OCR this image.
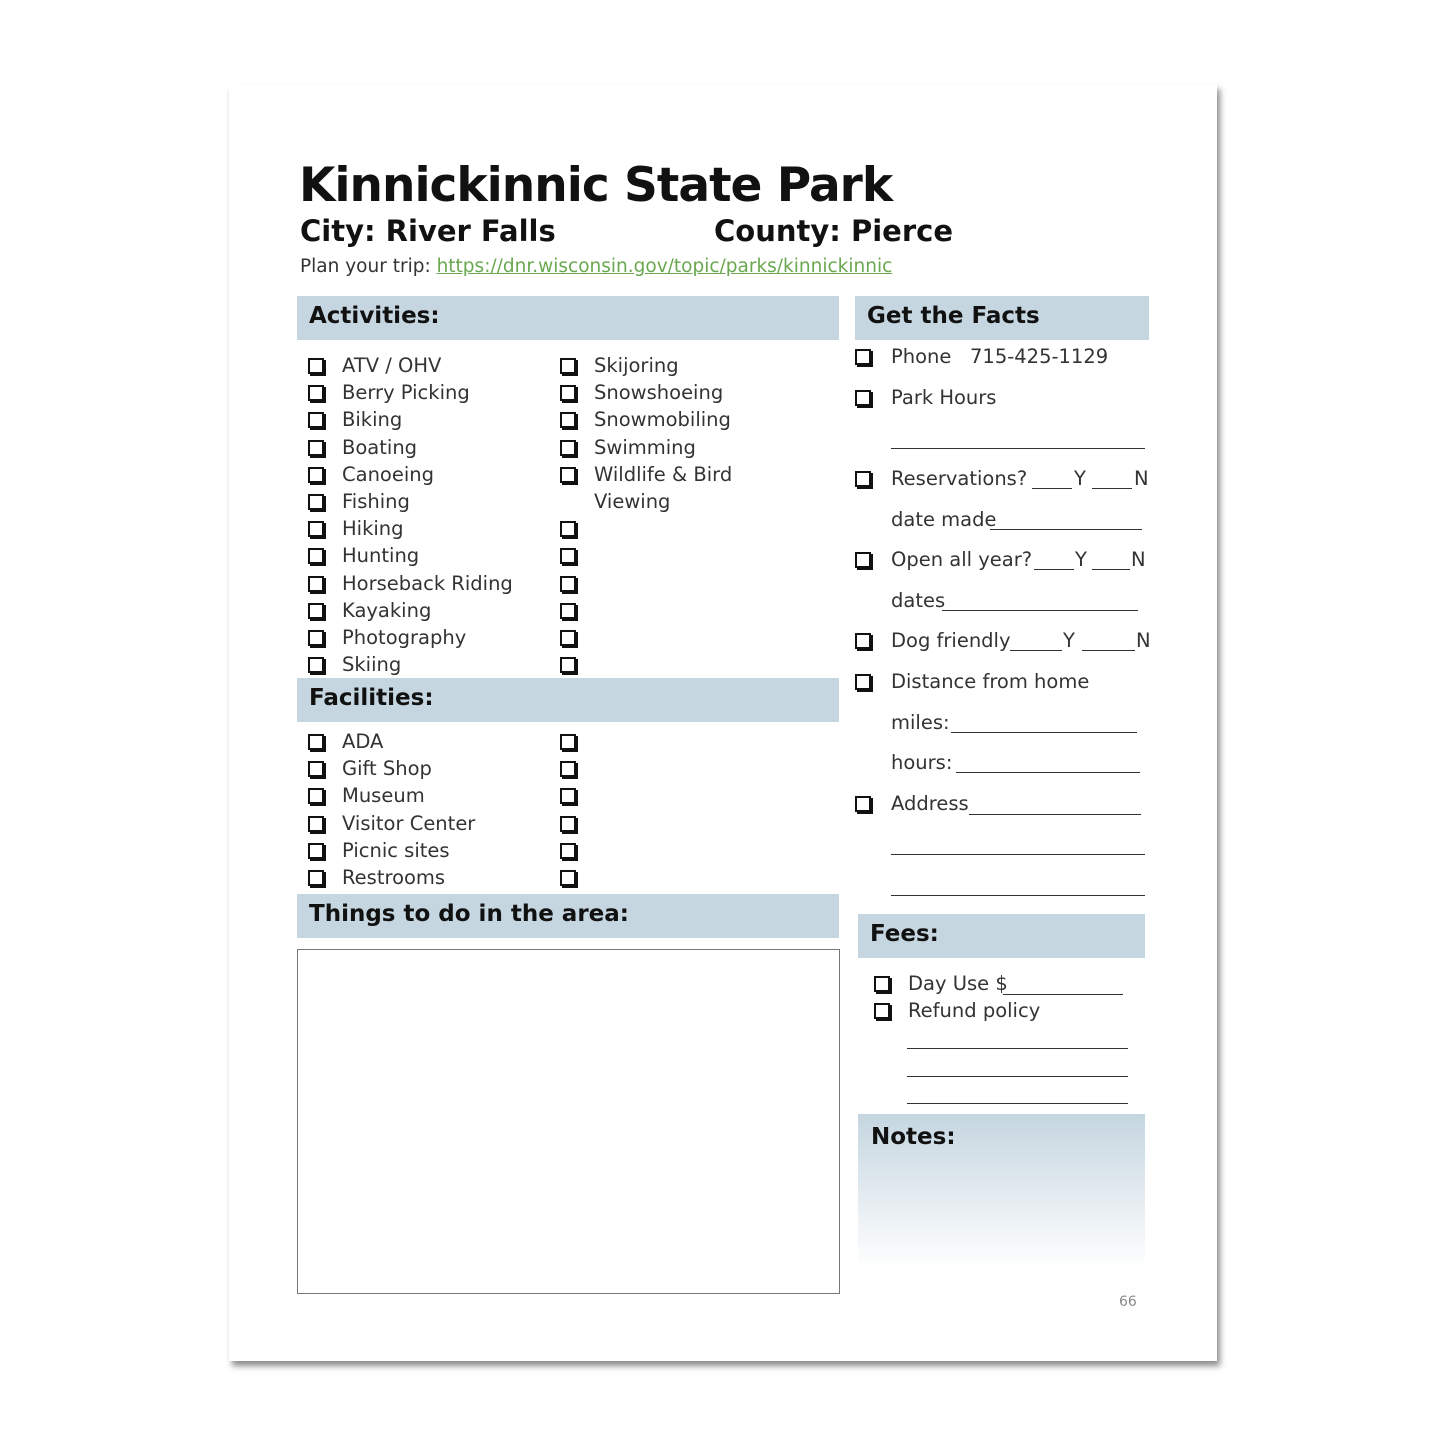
Kinnickinnic State Park
City: River Falls	County: Pierce
Plan your trip: https://dnr.wisconsin.gov/topic/parks/kinnickinnic
Activities:
ATV / OHV
Berry Picking
Biking
Boating
Canoeing
Fishing
Hiking
Hunting
Horseback Riding
Kayaking
Photography
Skiing
Skijoring
Snowshoeing
Snowmobiling
Swimming
Wildlife & Bird
Viewing
Facilities:
ADA
Gift Shop
Museum
Visitor Center
Picnic sites
Restrooms
Things to do in the area:
Get the Facts
Phone 715-425-1129
Park Hours
Reservations? Y N
date made
Open all year? Y N
dates
Dog friendly	Y	N
Distance from home
miles:
hours:
Address
Fees:
Day Use $
Refund policy
Notes:
66
